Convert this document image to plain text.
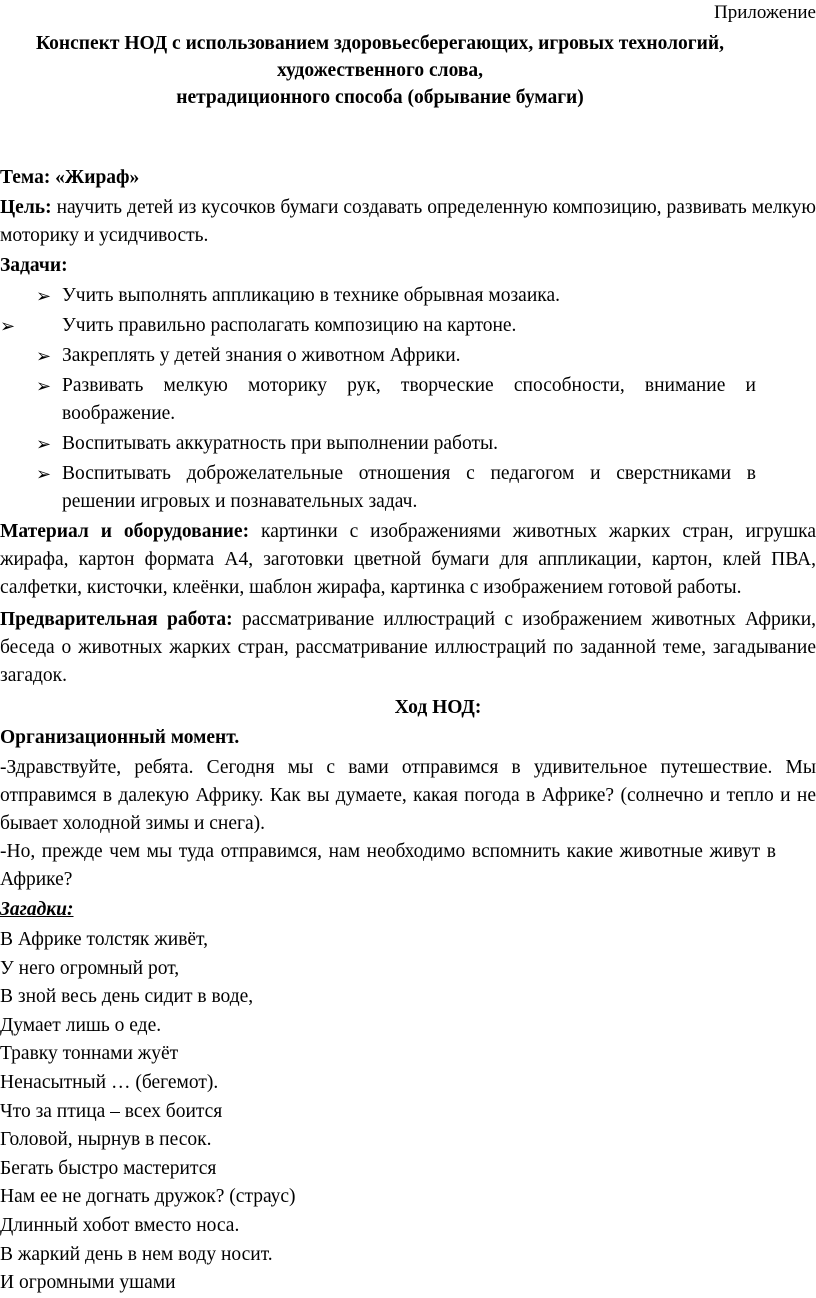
Приложение
Конспект НОД с использованием здоровьесберегающих, игровых технологий,
художественного слова,
нетрадиционного способа (обрывание бумаги)

Тема: «Жираф»

Цель: научить детей из кусочков бумаги создавать определенную композицию, развивать мелкую моторику и усидчивость.

Задачи:

➢ Учить выполнять аппликацию в технике обрывная мозаика.
➢ Учить правильно располагать композицию на картоне.
➢ Закреплять у детей знания о животном Африки.
➢ Развивать мелкую моторику рук, творческие способности, внимание и воображение.
➢ Воспитывать аккуратность при выполнении работы.
➢ Воспитывать доброжелательные отношения с педагогом и сверстниками в решении игровых и познавательных задач.

Материал и оборудование: картинки с изображениями животных жарких стран, игрушка жирафа, картон формата А4, заготовки цветной бумаги для аппликации, картон, клей ПВА, салфетки, кисточки, клеёнки, шаблон жирафа, картинка с изображением готовой работы.

Предварительная работа: рассматривание иллюстраций с изображением животных Африки, беседа о животных жарких стран, рассматривание иллюстраций по заданной теме, загадывание загадок.

Ход НОД:

Организационный момент.

-Здравствуйте, ребята. Сегодня мы с вами отправимся в удивительное путешествие. Мы отправимся в далекую Африку. Как вы думаете, какая погода в Африке? (солнечно и тепло и не бывает холодной зимы и снега).

-Но, прежде чем мы туда отправимся, нам необходимо вспомнить какие животные живут в Африке?

Загадки:

В Африке толстяк живёт,

У него огромный рот,

В зной весь день сидит в воде,

Думает лишь о еде.

Травку тоннами жуёт

Ненасытный … (бегемот).

Что за птица – всех боится

Головой, нырнув в песок.

Бегать быстро мастерится

Нам ее не догнать дружок? (страус)

Длинный хобот вместо носа.

В жаркий день в нем воду носит.

И огромными ушами
